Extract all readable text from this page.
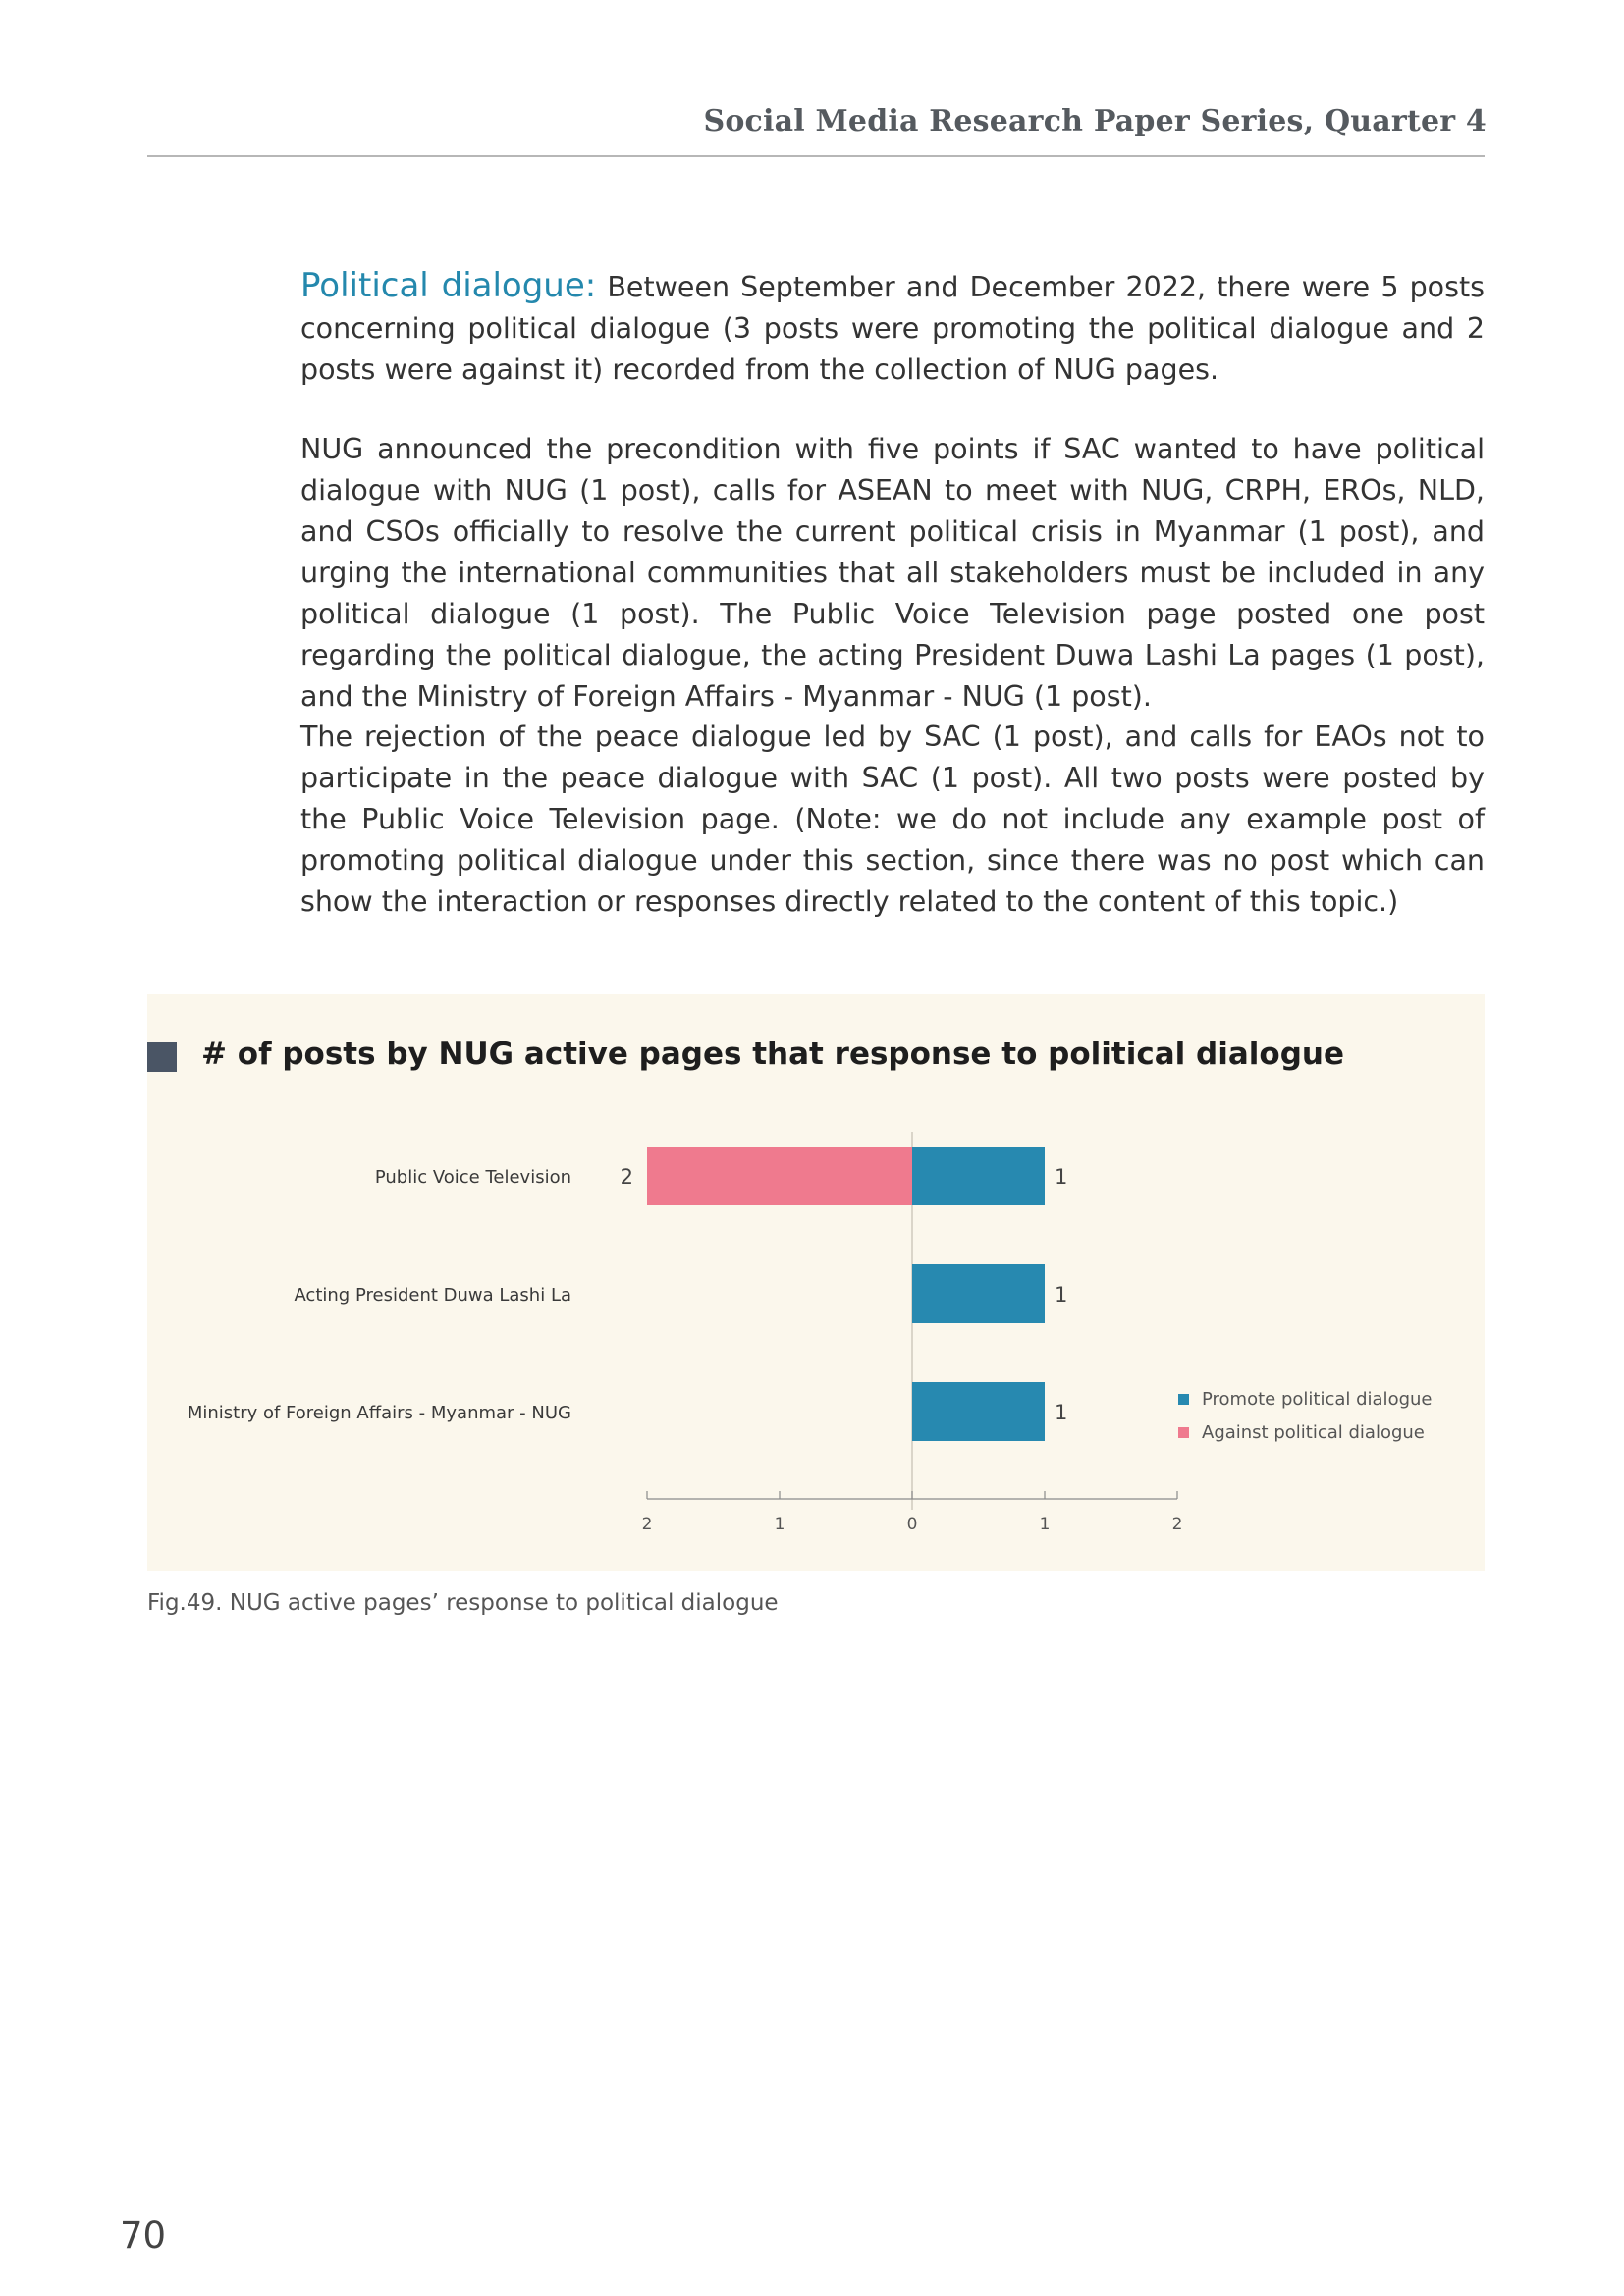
Social Media Research Paper Series, Quarter 4

Political dialogue: Between September and December 2022, there were 5 posts concerning political dialogue (3 posts were promoting the political dialogue and 2 posts were against it) recorded from the collection of NUG pages.

NUG announced the precondition with five points if SAC wanted to have political dialogue with NUG (1 post), calls for ASEAN to meet with NUG, CRPH, EROs, NLD, and CSOs officially to resolve the current political crisis in Myanmar (1 post), and urging the international communities that all stakeholders must be included in any political dialogue (1 post). The Public Voice Television page posted one post regarding the political dialogue, the acting President Duwa Lashi La pages (1 post), and the Ministry of Foreign Affairs - Myanmar - NUG (1 post).

The rejection of the peace dialogue led by SAC (1 post), and calls for EAOs not to participate in the peace dialogue with SAC (1 post). All two posts were posted by the Public Voice Television page. (Note: we do not include any example post of promoting political dialogue under this section, since there was no post which can show the interaction or responses directly related to the content of this topic.)

# of posts by NUG active pages that response to political dialogue
Public Voice Television	1
2
Acting President Duwa Lashi La	1
Ministry of Foreign Affairs - Myanmar - NUG	1
2	1	0	1	2
Promote political dialogue
Against political dialogue
Fig.49. NUG active pages’ response to political dialogue
70
